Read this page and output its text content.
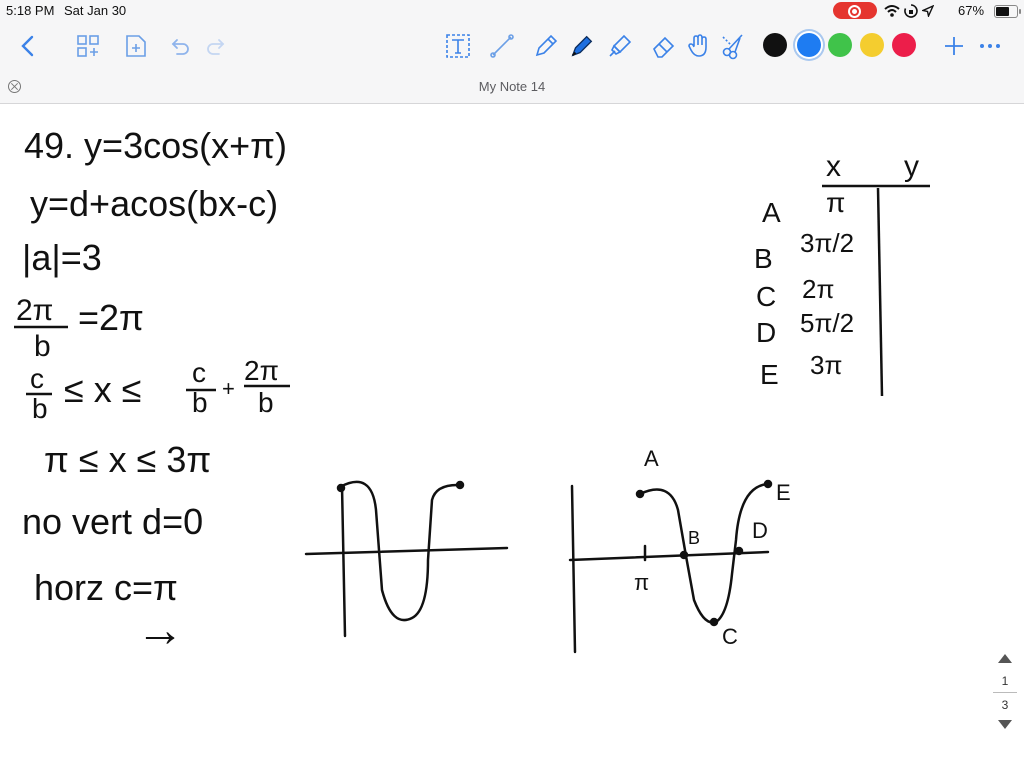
5:18 PM Sat Jan 30	67%
My Note 14
49. y=3cos(x+π)
y=d+acos(bx-c)
|a|=3
2π
b
=2π
c
b ≤ x ≤ c
b +
2π
b
π ≤ x ≤ 3π
no vert d=0
horz c=π
→
x y
A π
B 3π/2
C 2π
D 5π/2
E 3π
π
A
B
C
D
E
1
3
